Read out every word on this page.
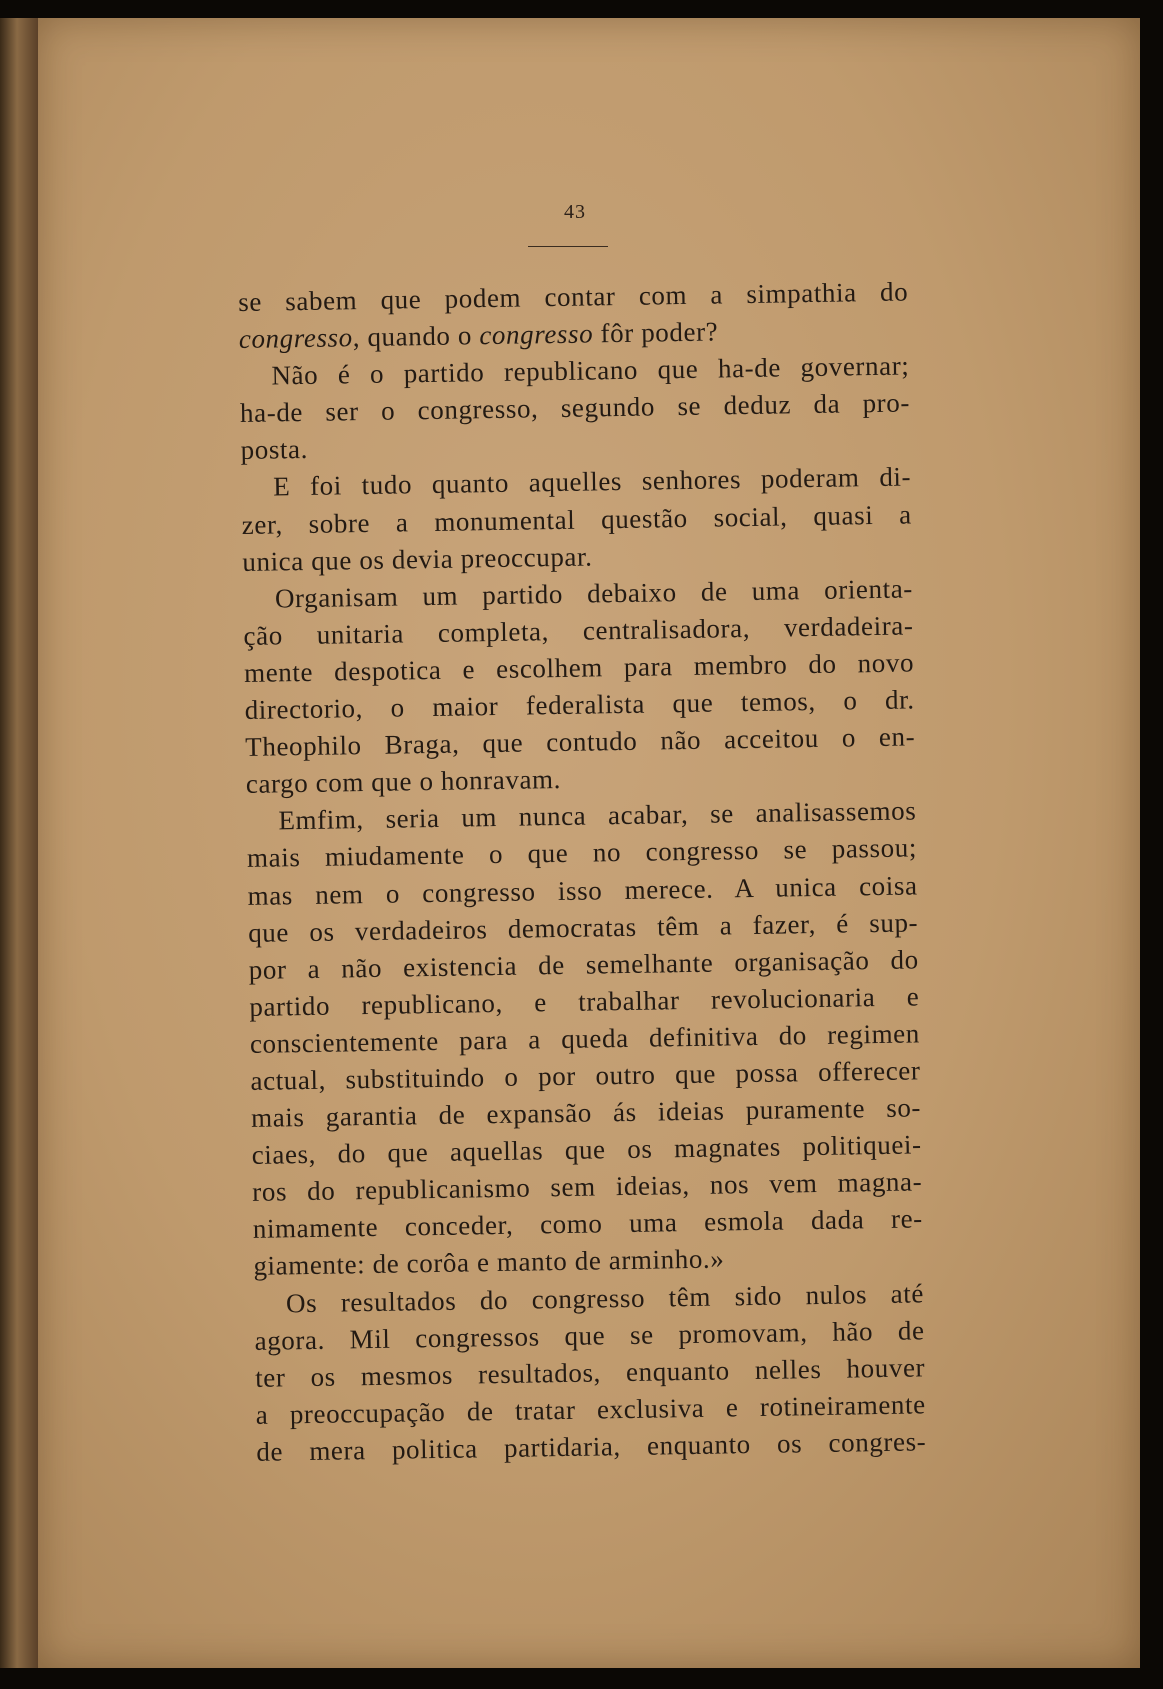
43
se sabem que podem contar com a simpathia do
congresso, quando o congresso fôr poder?
Não é o partido republicano que ha-de governar;
ha-de ser o congresso, segundo se deduz da pro-
posta.
E foi tudo quanto aquelles senhores poderam di-
zer, sobre a monumental questão social, quasi a
unica que os devia preoccupar.
Organisam um partido debaixo de uma orienta-
ção unitaria completa, centralisadora, verdadeira-
mente despotica e escolhem para membro do novo
directorio, o maior federalista que temos, o dr.
Theophilo Braga, que contudo não acceitou o en-
cargo com que o honravam.
Emfim, seria um nunca acabar, se analisassemos
mais miudamente o que no congresso se passou;
mas nem o congresso isso merece. A unica coisa
que os verdadeiros democratas têm a fazer, é sup-
por a não existencia de semelhante organisação do
partido republicano, e trabalhar revolucionaria e
conscientemente para a queda definitiva do regimen
actual, substituindo o por outro que possa offerecer
mais garantia de expansão ás ideias puramente so-
ciaes, do que aquellas que os magnates politiquei-
ros do republicanismo sem ideias, nos vem magna-
nimamente conceder, como uma esmola dada re-
giamente: de corôa e manto de arminho.»
Os resultados do congresso têm sido nulos até
agora. Mil congressos que se promovam, hão de
ter os mesmos resultados, enquanto nelles houver
a preoccupação de tratar exclusiva e rotineiramente
de mera politica partidaria, enquanto os congres-
